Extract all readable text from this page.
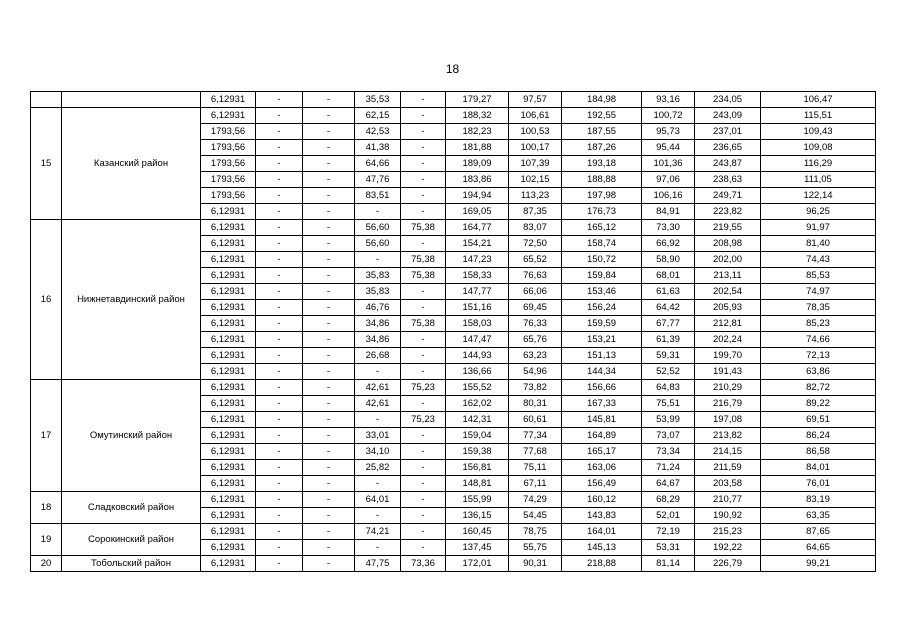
18
		6,12931	-	-	35,53	-	179,27	97,57	184,98	93,16	234,05	106,47
15	Казанский район	6,12931	-	-	62,15	-	188,32	106,61	192,55	100,72	243,09	115,51
		1793,56	-	-	42,53	-	182,23	100,53	187,55	95,73	237,01	109,43
		1793,56	-	-	41,38	-	181,88	100,17	187,26	95,44	236,65	109,08
		1793,56	-	-	64,66	-	189,09	107,39	193,18	101,36	243,87	116,29
		1793,56	-	-	47,76	-	183,86	102,15	188,88	97,06	238,63	111,05
		1793,56	-	-	83,51	-	194,94	113,23	197,98	106,16	249,71	122,14
		6,12931	-	-	-	-	169,05	87,35	176,73	84,91	223,82	96,25
16	Нижнетавдинский район	6,12931	-	-	56,60	75,38	164,77	83,07	165,12	73,30	219,55	91,97
		6,12931	-	-	56,60	-	154,21	72,50	158,74	66,92	208,98	81,40
		6,12931	-	-	-	75,38	147,23	65,52	150,72	58,90	202,00	74,43
		6,12931	-	-	35,83	75,38	158,33	76,63	159,84	68,01	213,11	85,53
		6,12931	-	-	35,83	-	147,77	66,06	153,46	61,63	202,54	74,97
		6,12931	-	-	46,76	-	151,16	69,45	156,24	64,42	205,93	78,35
		6,12931	-	-	34,86	75,38	158,03	76,33	159,59	67,77	212,81	85,23
		6,12931	-	-	34,86	-	147,47	65,76	153,21	61,39	202,24	74,66
		6,12931	-	-	26,68	-	144,93	63,23	151,13	59,31	199,70	72,13
		6,12931	-	-	-	-	136,66	54,96	144,34	52,52	191,43	63,86
17	Омутинский район	6,12931	-	-	42,61	75,23	155,52	73,82	156,66	64,83	210,29	82,72
		6,12931	-	-	42,61	-	162,02	80,31	167,33	75,51	216,79	89,22
		6,12931	-	-	-	75,23	142,31	60,61	145,81	53,99	197,08	69,51
		6,12931	-	-	33,01	-	159,04	77,34	164,89	73,07	213,82	86,24
		6,12931	-	-	34,10	-	159,38	77,68	165,17	73,34	214,15	86,58
		6,12931	-	-	25,82	-	156,81	75,11	163,06	71,24	211,59	84,01
		6,12931	-	-	-	-	148,81	67,11	156,49	64,67	203,58	76,01
18	Сладковский район	6,12931	-	-	64,01	-	155,99	74,29	160,12	68,29	210,77	83,19
		6,12931	-	-	-	-	136,15	54,45	143,83	52,01	190,92	63,35
19	Сорокинский район	6,12931	-	-	74,21	-	160,45	78,75	164,01	72,19	215,23	87,65
		6,12931	-	-	-	-	137,45	55,75	145,13	53,31	192,22	64,65
20	Тобольский район	6,12931	-	-	47,75	73,36	172,01	90,31	218,88	81,14	226,79	99,21
